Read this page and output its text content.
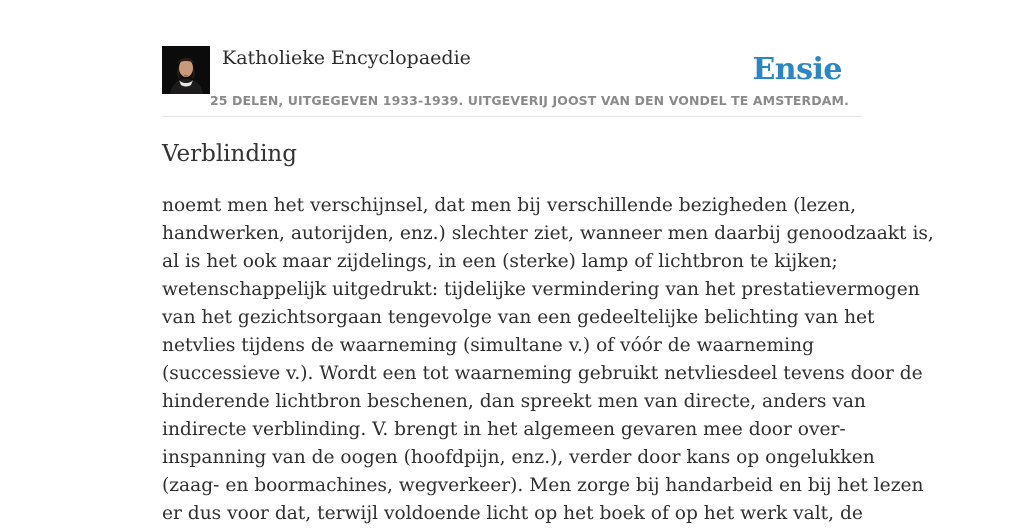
Katholieke Encyclopaedie	Ensie
25 DELEN, UITGEGEVEN 1933-1939. UITGEVERIJ JOOST VAN DEN VONDEL TE AMSTERDAM.
Verblinding
noemt men het verschijnsel, dat men bij verschillende bezigheden (lezen,
handwerken, autorijden, enz.) slechter ziet, wanneer men daarbij genoodzaakt is,
al is het ook maar zijdelings, in een (sterke) lamp of lichtbron te kijken;
wetenschappelijk uitgedrukt: tijdelijke vermindering van het prestatievermogen
van het gezichtsorgaan tengevolge van een gedeeltelijke belichting van het
netvlies tijdens de waarneming (simultane v.) of vóór de waarneming
(successieve v.). Wordt een tot waarneming gebruikt netvliesdeel tevens door de
hinderende lichtbron beschenen, dan spreekt men van directe, anders van
indirecte verblinding. V. brengt in het algemeen gevaren mee door over-
inspanning van de oogen (hoofdpijn, enz.), verder door kans op ongelukken
(zaag- en boormachines, wegverkeer). Men zorge bij handarbeid en bij het lezen
er dus voor dat, terwijl voldoende licht op het boek of op het werk valt, de
